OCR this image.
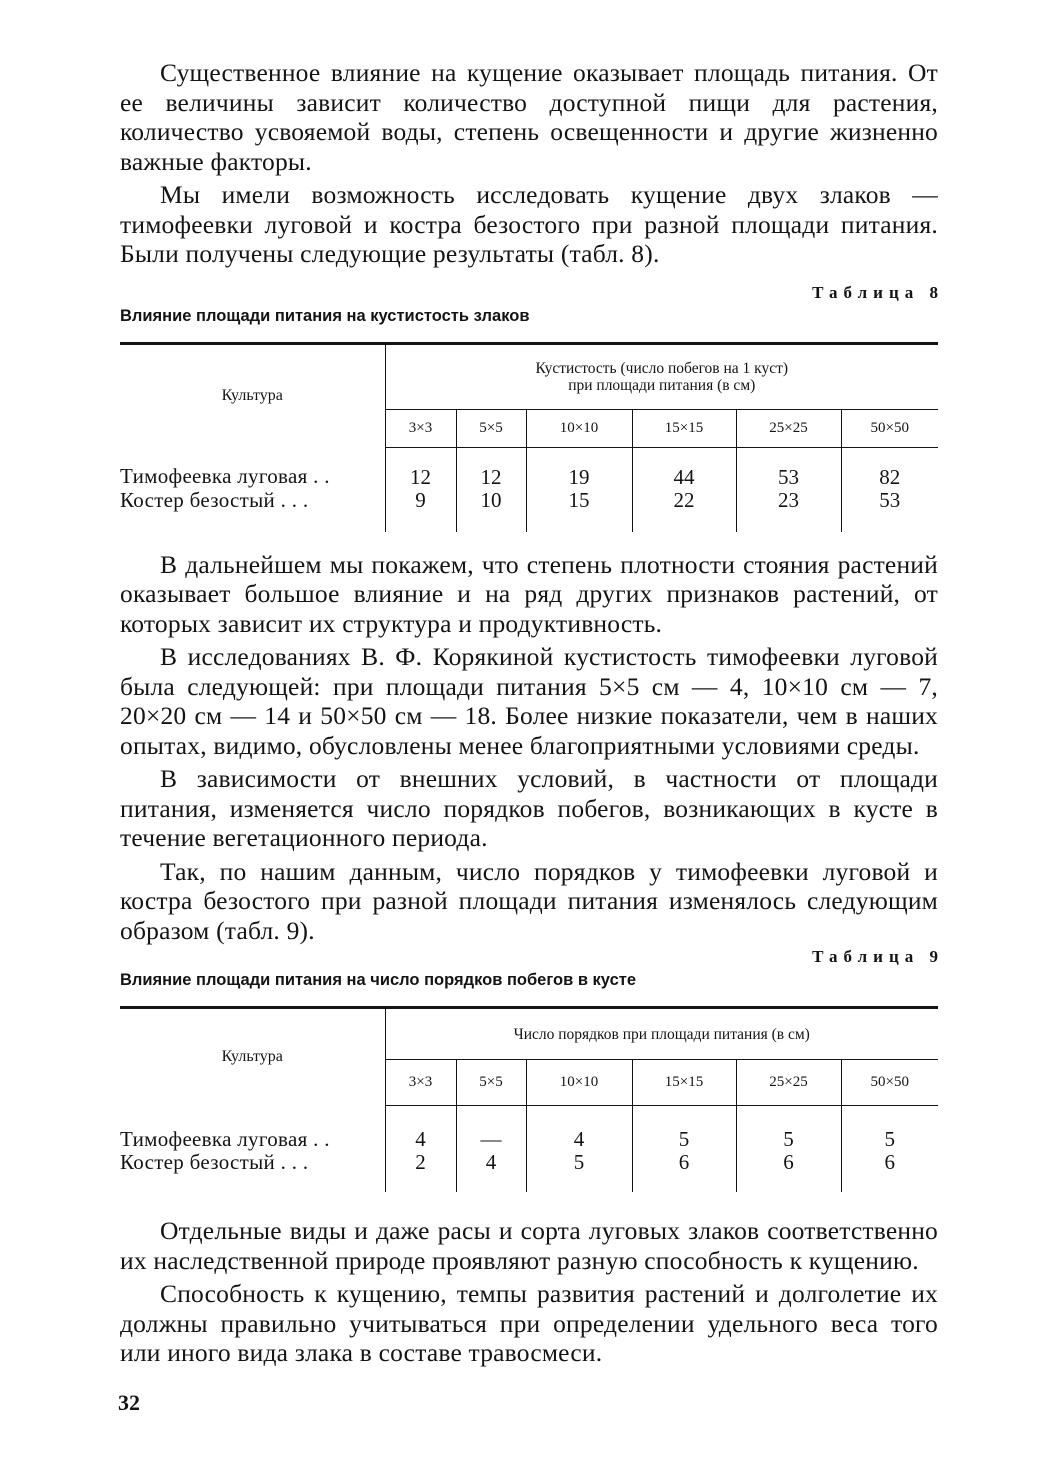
Существенное влияние на кущение оказывает площадь питания. От ее величины зависит количество доступной пищи для растения, количество усвояемой воды, степень освещенности и другие жизненно важные факторы.

Мы имели возможность исследовать кущение двух злаков — тимофеевки луговой и костра безостого при разной площади питания. Были получены следующие результаты (табл. 8).

Таблица 8
Влияние площади питания на кустистость злаков
Культура	Кустистость (число побегов на 1 куст)
при площади питания (в см)					

	3×3	5×5	10×10	15×15	25×25	50×50
Тимофеевка луговая . .	12	12	19	44	53	82
Костер безостый . . .	9	10	15	22	23	53

В дальнейшем мы покажем, что степень плотности стояния растений оказывает большое влияние и на ряд других признаков растений, от которых зависит их структура и продуктивность.

В исследованиях В. Ф. Корякиной кустистость тимофеевки луговой была следующей: при площади питания 5×5 см — 4, 10×10 см — 7, 20×20 см — 14 и 50×50 см — 18. Более низкие показатели, чем в наших опытах, видимо, обусловлены менее благоприятными условиями среды.

В зависимости от внешних условий, в частности от площади питания, изменяется число порядков побегов, возникающих в кусте в течение вегетационного периода.

Так, по нашим данным, число порядков у тимофеевки луговой и костра безостого при разной площади питания изменялось следующим образом (табл. 9).

Таблица 9
Влияние площади питания на число порядков побегов в кусте
Культура	Число порядков при площади питания (в см)					
	3×3	5×5	10×10	15×15	25×25	50×50
Тимофеевка луговая . .	4	—	4	5	5	5
Костер безостый . . .	2	4	5	6	6	6

Отдельные виды и даже расы и сорта луговых злаков соответственно их наследственной природе проявляют разную способность к кущению.

Способность к кущению, темпы развития растений и долголетие их должны правильно учитываться при определении удельного веса того или иного вида злака в составе травосмеси.

32
